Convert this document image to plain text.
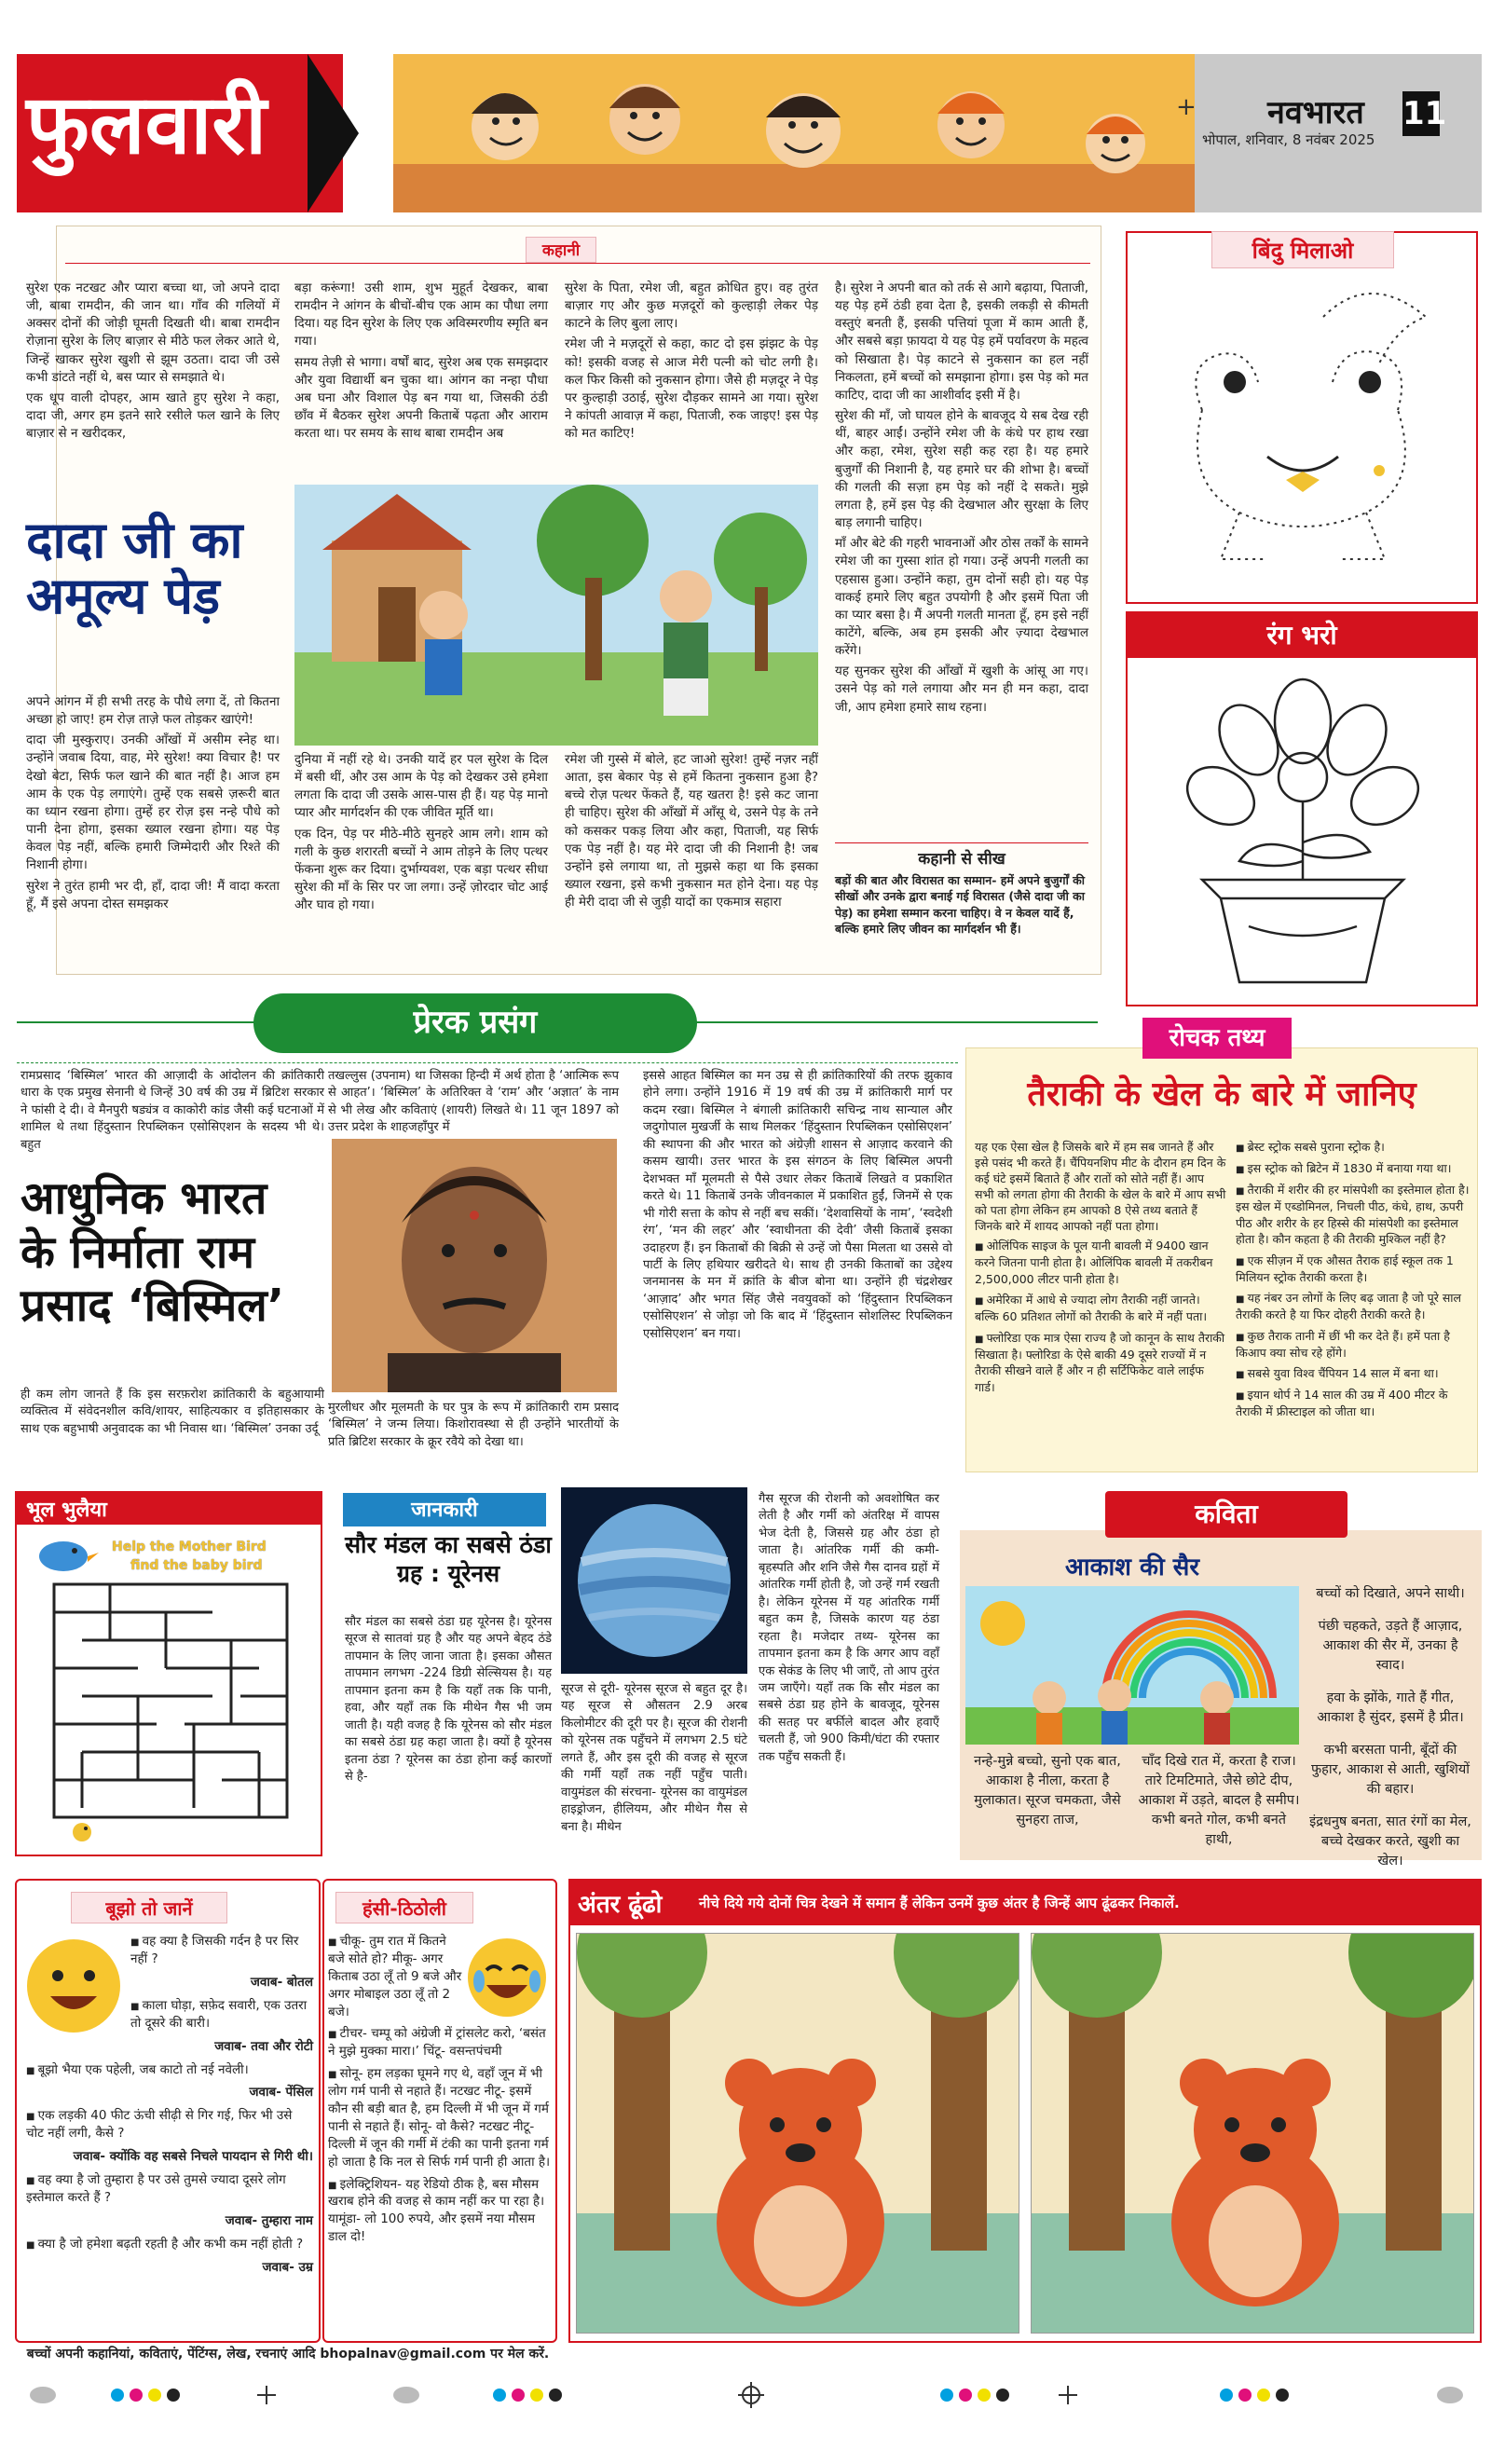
फुलवारी	+ नवभारत
भोपाल, शनिवार, 8 नवंबर 2025
11
कहानी

सुरेश एक नटखट और प्यारा बच्चा था, जो अपने दादा जी, बाबा रामदीन, की जान था। गाँव की गलियों में अक्सर दोनों की जोड़ी घूमती दिखती थी। बाबा रामदीन रोज़ाना सुरेश के लिए बाज़ार से मीठे फल लेकर आते थे, जिन्हें खाकर सुरेश खुशी से झूम उठता। दादा जी उसे कभी डांटते नहीं थे, बस प्यार से समझाते थे।

एक धूप वाली दोपहर, आम खाते हुए सुरेश ने कहा, दादा जी, अगर हम इतने सारे रसीले फल खाने के लिए बाज़ार से न खरीदकर,

दादा जी का
अमूल्य पेड़

अपने आंगन में ही सभी तरह के पौधे लगा दें, तो कितना अच्छा हो जाए! हम रोज़ ताज़े फल तोड़कर खाएंगे!

दादा जी मुस्कुराए। उनकी आँखों में असीम स्नेह था। उन्होंने जवाब दिया, वाह, मेरे सुरेश! क्या विचार है! पर देखो बेटा, सिर्फ फल खाने की बात नहीं है। आज हम आम के एक पेड़ लगाएंगे। तुम्हें एक सबसे ज़रूरी बात का ध्यान रखना होगा। तुम्हें हर रोज़ इस नन्हे पौधे को पानी देना होगा, इसका ख्याल रखना होगा। यह पेड़ केवल पेड़ नहीं, बल्कि हमारी जिम्मेदारी और रिश्ते की निशानी होगा।

सुरेश ने तुरंत हामी भर दी, हाँ, दादा जी! मैं वादा करता हूँ, मैं इसे अपना दोस्त समझकर

बड़ा करूंगा! उसी शाम, शुभ मुहूर्त देखकर, बाबा रामदीन ने आंगन के बीचों-बीच एक आम का पौधा लगा दिया। यह दिन सुरेश के लिए एक अविस्मरणीय स्मृति बन गया।

समय तेज़ी से भागा। वर्षों बाद, सुरेश अब एक समझदार और युवा विद्यार्थी बन चुका था। आंगन का नन्हा पौधा अब घना और विशाल पेड़ बन गया था, जिसकी ठंडी छाँव में बैठकर सुरेश अपनी किताबें पढ़ता और आराम करता था। पर समय के साथ बाबा रामदीन अब

दुनिया में नहीं रहे थे। उनकी यादें हर पल सुरेश के दिल में बसी थीं, और उस आम के पेड़ को देखकर उसे हमेशा लगता कि दादा जी उसके आस-पास ही हैं। यह पेड़ मानो प्यार और मार्गदर्शन की एक जीवित मूर्ति था।

एक दिन, पेड़ पर मीठे-मीठे सुनहरे आम लगे। शाम को गली के कुछ शरारती बच्चों ने आम तोड़ने के लिए पत्थर फेंकना शुरू कर दिया। दुर्भाग्यवश, एक बड़ा पत्थर सीधा सुरेश की माँ के सिर पर जा लगा। उन्हें ज़ोरदार चोट आई और घाव हो गया।

सुरेश के पिता, रमेश जी, बहुत क्रोधित हुए। वह तुरंत बाज़ार गए और कुछ मज़दूरों को कुल्हाड़ी लेकर पेड़ काटने के लिए बुला लाए।

रमेश जी ने मज़दूरों से कहा, काट दो इस झंझट के पेड़ को! इसकी वजह से आज मेरी पत्नी को चोट लगी है। कल फिर किसी को नुकसान होगा। जैसे ही मज़दूर ने पेड़ पर कुल्हाड़ी उठाई, सुरेश दौड़कर सामने आ गया। सुरेश ने कांपती आवाज़ में कहा, पिताजी, रुक जाइए! इस पेड़ को मत काटिए!

रमेश जी गुस्से में बोले, हट जाओ सुरेश! तुम्हें नज़र नहीं आता, इस बेकार पेड़ से हमें कितना नुकसान हुआ है? बच्चे रोज़ पत्थर फेंकते हैं, यह खतरा है! इसे कट जाना ही चाहिए। सुरेश की आँखों में आँसू थे, उसने पेड़ के तने को कसकर पकड़ लिया और कहा, पिताजी, यह सिर्फ एक पेड़ नहीं है। यह मेरे दादा जी की निशानी है! जब उन्होंने इसे लगाया था, तो मुझसे कहा था कि इसका ख्याल रखना, इसे कभी नुकसान मत होने देना। यह पेड़ ही मेरी दादा जी से जुड़ी यादों का एकमात्र सहारा

है। सुरेश ने अपनी बात को तर्क से आगे बढ़ाया, पिताजी, यह पेड़ हमें ठंडी हवा देता है, इसकी लकड़ी से कीमती वस्तुएं बनती हैं, इसकी पत्तियां पूजा में काम आती हैं, और सबसे बड़ा फ़ायदा ये यह पेड़ हमें पर्यावरण के महत्व को सिखाता है। पेड़ काटने से नुकसान का हल नहीं निकलता, हमें बच्चों को समझाना होगा। इस पेड़ को मत काटिए, दादा जी का आशीर्वाद इसी में है।

सुरेश की माँ, जो घायल होने के बावजूद ये सब देख रही थीं, बाहर आईं। उन्होंने रमेश जी के कंधे पर हाथ रखा और कहा, रमेश, सुरेश सही कह रहा है। यह हमारे बुजुर्गों की निशानी है, यह हमारे घर की शोभा है। बच्चों की गलती की सज़ा हम पेड़ को नहीं दे सकते। मुझे लगता है, हमें इस पेड़ की देखभाल और सुरक्षा के लिए बाड़ लगानी चाहिए।

माँ और बेटे की गहरी भावनाओं और ठोस तर्कों के सामने रमेश जी का गुस्सा शांत हो गया। उन्हें अपनी गलती का एहसास हुआ। उन्होंने कहा, तुम दोनों सही हो। यह पेड़ वाकई हमारे लिए बहुत उपयोगी है और इसमें पिता जी का प्यार बसा है। मैं अपनी गलती मानता हूँ, हम इसे नहीं काटेंगे, बल्कि, अब हम इसकी और ज़्यादा देखभाल करेंगे।

यह सुनकर सुरेश की आँखों में खुशी के आंसू आ गए। उसने पेड़ को गले लगाया और मन ही मन कहा, दादा जी, आप हमेशा हमारे साथ रहना।

कहानी से सीख
बड़ों की बात और विरासत का सम्मान- हमें अपने बुजुर्गों की सीखों और उनके द्वारा बनाई गई विरासत (जैसे दादा जी का पेड़) का हमेशा सम्मान करना चाहिए। वे न केवल यादें हैं, बल्कि हमारे लिए जीवन का मार्गदर्शन भी हैं।
बिंदु मिलाओ
रंग भरो
प्रेरक प्रसंग
रामप्रसाद ‘बिस्मिल’ भारत की आज़ादी के आंदोलन की क्रांतिकारी धारा के एक प्रमुख सेनानी थे जिन्हें 30 वर्ष की उम्र में ब्रिटिश सरकार ने फांसी दे दी। वे मैनपुरी षड्यंत्र व काकोरी कांड जैसी कई घटनाओं में शामिल थे तथा हिंदुस्तान रिपब्लिकन एसोसिएशन के सदस्य भी थे। बहुत
आधुनिक भारत
के निर्माता राम
प्रसाद ‘बिस्मिल’
ही कम लोग जानते हैं कि इस सरफ़रोश क्रांतिकारी के बहुआयामी व्यक्तित्व में संवेदनशील कवि/शायर, साहित्यकार व इतिहासकार के साथ एक बहुभाषी अनुवादक का भी निवास था। ‘बिस्मिल’ उनका उर्दू
तखल्लुस (उपनाम) था जिसका हिन्दी में अर्थ होता है ‘आत्मिक रूप से आहत’। ‘बिस्मिल’ के अतिरिक्त वे ‘राम’ और ‘अज्ञात’ के नाम से भी लेख और कविताएं (शायरी) लिखते थे। 11 जून 1897 को उत्तर प्रदेश के शाहजहाँपुर में
मुरलीधर और मूलमती के घर पुत्र के रूप में क्रांतिकारी राम प्रसाद ‘बिस्मिल’ ने जन्म लिया। किशोरावस्था से ही उन्होंने भारतीयों के प्रति ब्रिटिश सरकार के क्रूर रवैये को देखा था।
इससे आहत बिस्मिल का मन उम्र से ही क्रांतिकारियों की तरफ झुकाव होने लगा। उन्होंने 1916 में 19 वर्ष की उम्र में क्रांतिकारी मार्ग पर कदम रखा। बिस्मिल ने बंगाली क्रांतिकारी सचिन्द्र नाथ सान्याल और जदुगोपाल मुखर्जी के साथ मिलकर ‘हिंदुस्तान रिपब्लिकन एसोसिएशन’ की स्थापना की और भारत को अंग्रेज़ी शासन से आज़ाद करवाने की कसम खायी। उत्तर भारत के इस संगठन के लिए बिस्मिल अपनी देशभक्त माँ मूलमती से पैसे उधार लेकर किताबें लिखते व प्रकाशित करते थे। 11 किताबें उनके जीवनकाल में प्रकाशित हुईं, जिनमें से एक भी गोरी सत्ता के कोप से नहीं बच सकीं। ‘देशवासियों के नाम’, ‘स्वदेशी रंग’, ‘मन की लहर’ और ‘स्वाधीनता की देवी’ जैसी किताबें इसका उदाहरण हैं। इन किताबों की बिक्री से उन्हें जो पैसा मिलता था उससे वो पार्टी के लिए हथियार खरीदते थे। साथ ही उनकी किताबों का उद्देश्य जनमानस के मन में क्रांति के बीज बोना था। उन्होंने ही चंद्रशेखर ‘आज़ाद’ और भगत सिंह जैसे नवयुवकों को ‘हिंदुस्तान रिपब्लिकन एसोसिएशन’ से जोड़ा जो कि बाद में ‘हिंदुस्तान सोशलिस्ट रिपब्लिकन एसोसिएशन’ बन गया।
रोचक तथ्य
तैराकी के खेल के बारे में जानिए

यह एक ऐसा खेल है जिसके बारे में हम सब जानते हैं और इसे पसंद भी करते हैं। चैंपियनशिप मीट के दौरान हम दिन के कई घंटे इसमें बिताते हैं और रातों को सोते नहीं हैं। आप सभी को लगता होगा की तैराकी के खेल के बारे में आप सभी को पता होगा लेकिन हम आपको 8 ऐसे तथ्य बताते हैं जिनके बारे में शायद आपको नहीं पता होगा।

■ ओलिंपिक साइज के पूल यानी बावली में 9400 खान करने जितना पानी होता है। ओलिंपिक बावली में तकरीबन 2,500,000 लीटर पानी होता है।
■ अमेरिका में आधे से ज्यादा लोग तैराकी नहीं जानते। बल्कि 60 प्रतिशत लोगों को तैराकी के बारे में नहीं पता।
■ फ्लोरिडा एक मात्र ऐसा राज्य है जो कानून के साथ तैराकी सिखाता है। फ्लोरिडा के ऐसे बाकी 49 दूसरे राज्यों में न तैराकी सीखने वाले हैं और न ही सर्टिफिकेट वाले लाईफ गार्ड।
■ ब्रेस्ट स्ट्रोक सबसे पुराना स्ट्रोक है।
■ इस स्ट्रोक को ब्रिटेन में 1830 में बनाया गया था।
■ तैराकी में शरीर की हर मांसपेशी का इस्तेमाल होता है। इस खेल में एब्डोमिनल, निचली पीठ, कंधे, हाथ, ऊपरी पीठ और शरीर के हर हिस्से की मांसपेशी का इस्तेमाल होता है। कौन कहता है की तैराकी मुश्किल नहीं है?
■ एक सीज़न में एक औसत तैराक हाई स्कूल तक 1 मिलियन स्ट्रोक तैराकी करता है।
■ यह नंबर उन लोगों के लिए बढ़ जाता है जो पूरे साल तैराकी करते है या फिर दोहरी तैराकी करते है।
■ कुछ तैराक तानी में छीं भी कर देते हैं। हमें पता है किआप क्या सोच रहे होंगे।
■ सबसे युवा विश्व चैंपियन 14 साल में बना था।
■ इयान थोर्प ने 14 साल की उम्र में 400 मीटर के तैराकी में फ्रीस्टाइल को जीता था।
भूल भुलैया
Help the Mother Bird
find the baby bird
जानकारी
सौर मंडल का सबसे ठंडा ग्रह : यूरेनस
सौर मंडल का सबसे ठंडा ग्रह यूरेनस है। यूरेनस सूरज से सातवां ग्रह है और यह अपने बेहद ठंडे तापमान के लिए जाना जाता है। इसका औसत तापमान लगभग -224 डिग्री सेल्सियस है। यह तापमान इतना कम है कि यहाँ तक कि पानी, हवा, और यहाँ तक कि मीथेन गैस भी जम जाती है। यही वजह है कि यूरेनस को सौर मंडल का सबसे ठंडा ग्रह कहा जाता है। क्यों है यूरेनस इतना ठंडा ? यूरेनस का ठंडा होना कई कारणों से है-
सूरज से दूरी- यूरेनस सूरज से बहुत दूर है। यह सूरज से औसतन 2.9 अरब किलोमीटर की दूरी पर है। सूरज की रोशनी को यूरेनस तक पहुँचने में लगभग 2.5 घंटे लगते हैं, और इस दूरी की वजह से सूरज की गर्मी यहाँ तक नहीं पहुँच पाती। वायुमंडल की संरचना- यूरेनस का वायुमंडल हाइड्रोजन, हीलियम, और मीथेन गैस से बना है। मीथेन
गैस सूरज की रोशनी को अवशोषित कर लेती है और गर्मी को अंतरिक्ष में वापस भेज देती है, जिससे ग्रह और ठंडा हो जाता है। आंतरिक गर्मी की कमी- बृहस्पति और शनि जैसे गैस दानव ग्रहों में आंतरिक गर्मी होती है, जो उन्हें गर्म रखती है। लेकिन यूरेनस में यह आंतरिक गर्मी बहुत कम है, जिसके कारण यह ठंडा रहता है। मजेदार तथ्य- यूरेनस का तापमान इतना कम है कि अगर आप वहाँ एक सेकंड के लिए भी जाएँ, तो आप तुरंत जम जाएँगे। यहाँ तक कि सौर मंडल का सबसे ठंडा ग्रह होने के बावजूद, यूरेनस की सतह पर बर्फीले बादल और हवाएँ चलती हैं, जो 900 किमी/घंटा की रफ्तार तक पहुँच सकती हैं।
कविता
आकाश की सैर

बच्चों को दिखाते, अपने साथी।

पंछी चहकते, उड़ते हैं आज़ाद, आकाश की सैर में, उनका है स्वाद।

हवा के झोंके, गाते हैं गीत, आकाश है सुंदर, इसमें है प्रीत।

कभी बरसता पानी, बूँदों की फुहार, आकाश से आती, खुशियों की बहार।

इंद्रधनुष बनता, सात रंगों का मेल, बच्चे देखकर करते, खुशी का खेल।

नन्हे-मुन्ने बच्चो, सुनो एक बात, आकाश है नीला, करता है मुलाकात। सूरज चमकता, जैसे सुनहरा ताज,
चाँद दिखे रात में, करता है राज। तारे टिमटिमाते, जैसे छोटे दीप, आकाश में उड़ते, बादल है समीप। कभी बनते गोल, कभी बनते हाथी,
बूझो तो जानें
■ वह क्या है जिसकी गर्दन है पर सिर नहीं ?
जवाब- बोतल
■ काला घोड़ा, सफ़ेद सवारी, एक उतरा तो दूसरे की बारी।
जवाब- तवा और रोटी
■ बूझो भैया एक पहेली, जब काटो तो नई नवेली।
जवाब- पेंसिल
■ एक लड़की 40 फीट ऊंची सीढ़ी से गिर गई, फिर भी उसे चोट नहीं लगी, कैसे ?
जवाब- क्योंकि वह सबसे निचले पायदान से गिरी थी।
■ वह क्या है जो तुम्हारा है पर उसे तुमसे ज्यादा दूसरे लोग इस्तेमाल करते हैं ?
जवाब- तुम्हारा नाम
■ क्या है जो हमेशा बढ़ती रहती है और कभी कम नहीं होती ?
जवाब- उम्र
हंसी-ठिठोली
■ चीकू- तुम रात में कितने बजे सोते हो? मीकू- अगर किताब उठा लूँ तो 9 बजे और अगर मोबाइल उठा लूँ तो 2 बजे।
■ टीचर- चम्पू को अंग्रेजी में ट्रांसलेट करो, ‘बसंत ने मुझे मुक्का मारा।’ चिंटू- वसन्तपंचमी
■ सोनू- हम लड़का घूमने गए थे, वहाँ जून में भी लोग गर्म पानी से नहाते हैं। नटखट नीटू- इसमें कौन सी बड़ी बात है, हम दिल्ली में भी जून में गर्म पानी से नहाते हैं। सोनू- वो कैसे? नटखट नीटू- दिल्ली में जून की गर्मी में टंकी का पानी इतना गर्म हो जाता है कि नल से सिर्फ गर्म पानी ही आता है।
■ इलेक्ट्रिशियन- यह रेडियो ठीक है, बस मौसम खराब होने की वजह से काम नहीं कर पा रहा है। यामूंडा- लो 100 रुपये, और इसमें नया मौसम डाल दो!
अंतर ढूंढो	नीचे दिये गये दोनों चित्र देखने में समान हैं लेकिन उनमें कुछ अंतर है जिन्हें आप ढूंढकर निकालें.
बच्चों अपनी कहानियां, कविताएं, पेंटिंग्स, लेख, रचनाएं आदि bhopalnav@gmail.com पर मेल करें.
